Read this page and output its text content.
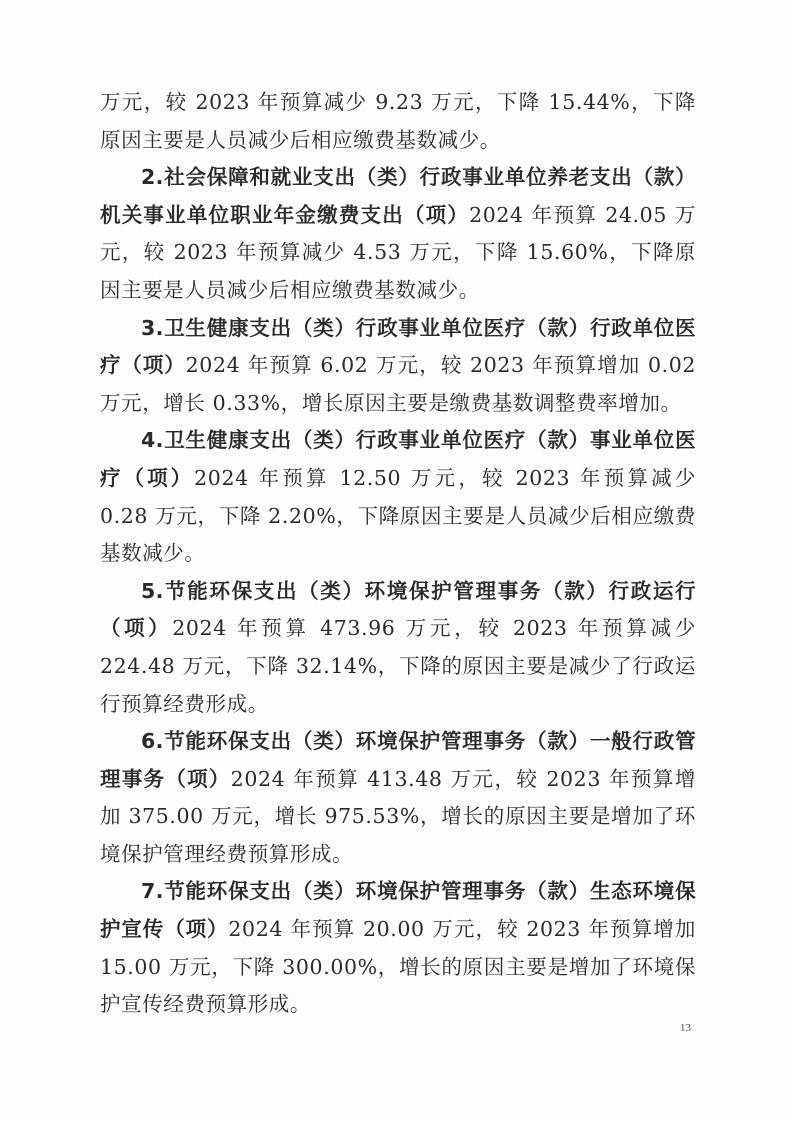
万元，较 2023 年预算减少 9.23 万元，下降 15.44%，下降原因主要是人员减少后相应缴费基数减少。

2.社会保障和就业支出（类）行政事业单位养老支出（款）机关事业单位职业年金缴费支出（项）2024 年预算 24.05 万元，较 2023 年预算减少 4.53 万元，下降 15.60%，下降原因主要是人员减少后相应缴费基数减少。

3.卫生健康支出（类）行政事业单位医疗（款）行政单位医疗（项）2024 年预算 6.02 万元，较 2023 年预算增加 0.02 万元，增长 0.33%，增长原因主要是缴费基数调整费率增加。

4.卫生健康支出（类）行政事业单位医疗（款）事业单位医疗（项）2024 年预算 12.50 万元，较 2023 年预算减少 0.28 万元，下降 2.20%，下降原因主要是人员减少后相应缴费基数减少。

5.节能环保支出（类）环境保护管理事务（款）行政运行（项）2024 年预算 473.96 万元，较 2023 年预算减少 224.48 万元，下降 32.14%，下降的原因主要是减少了行政运行预算经费形成。

6.节能环保支出（类）环境保护管理事务（款）一般行政管理事务（项）2024 年预算 413.48 万元，较 2023 年预算增加 375.00 万元，增长 975.53%，增长的原因主要是增加了环境保护管理经费预算形成。

7.节能环保支出（类）环境保护管理事务（款）生态环境保护宣传（项）2024 年预算 20.00 万元，较 2023 年预算增加 15.00 万元，下降 300.00%，增长的原因主要是增加了环境保护宣传经费预算形成。

13
